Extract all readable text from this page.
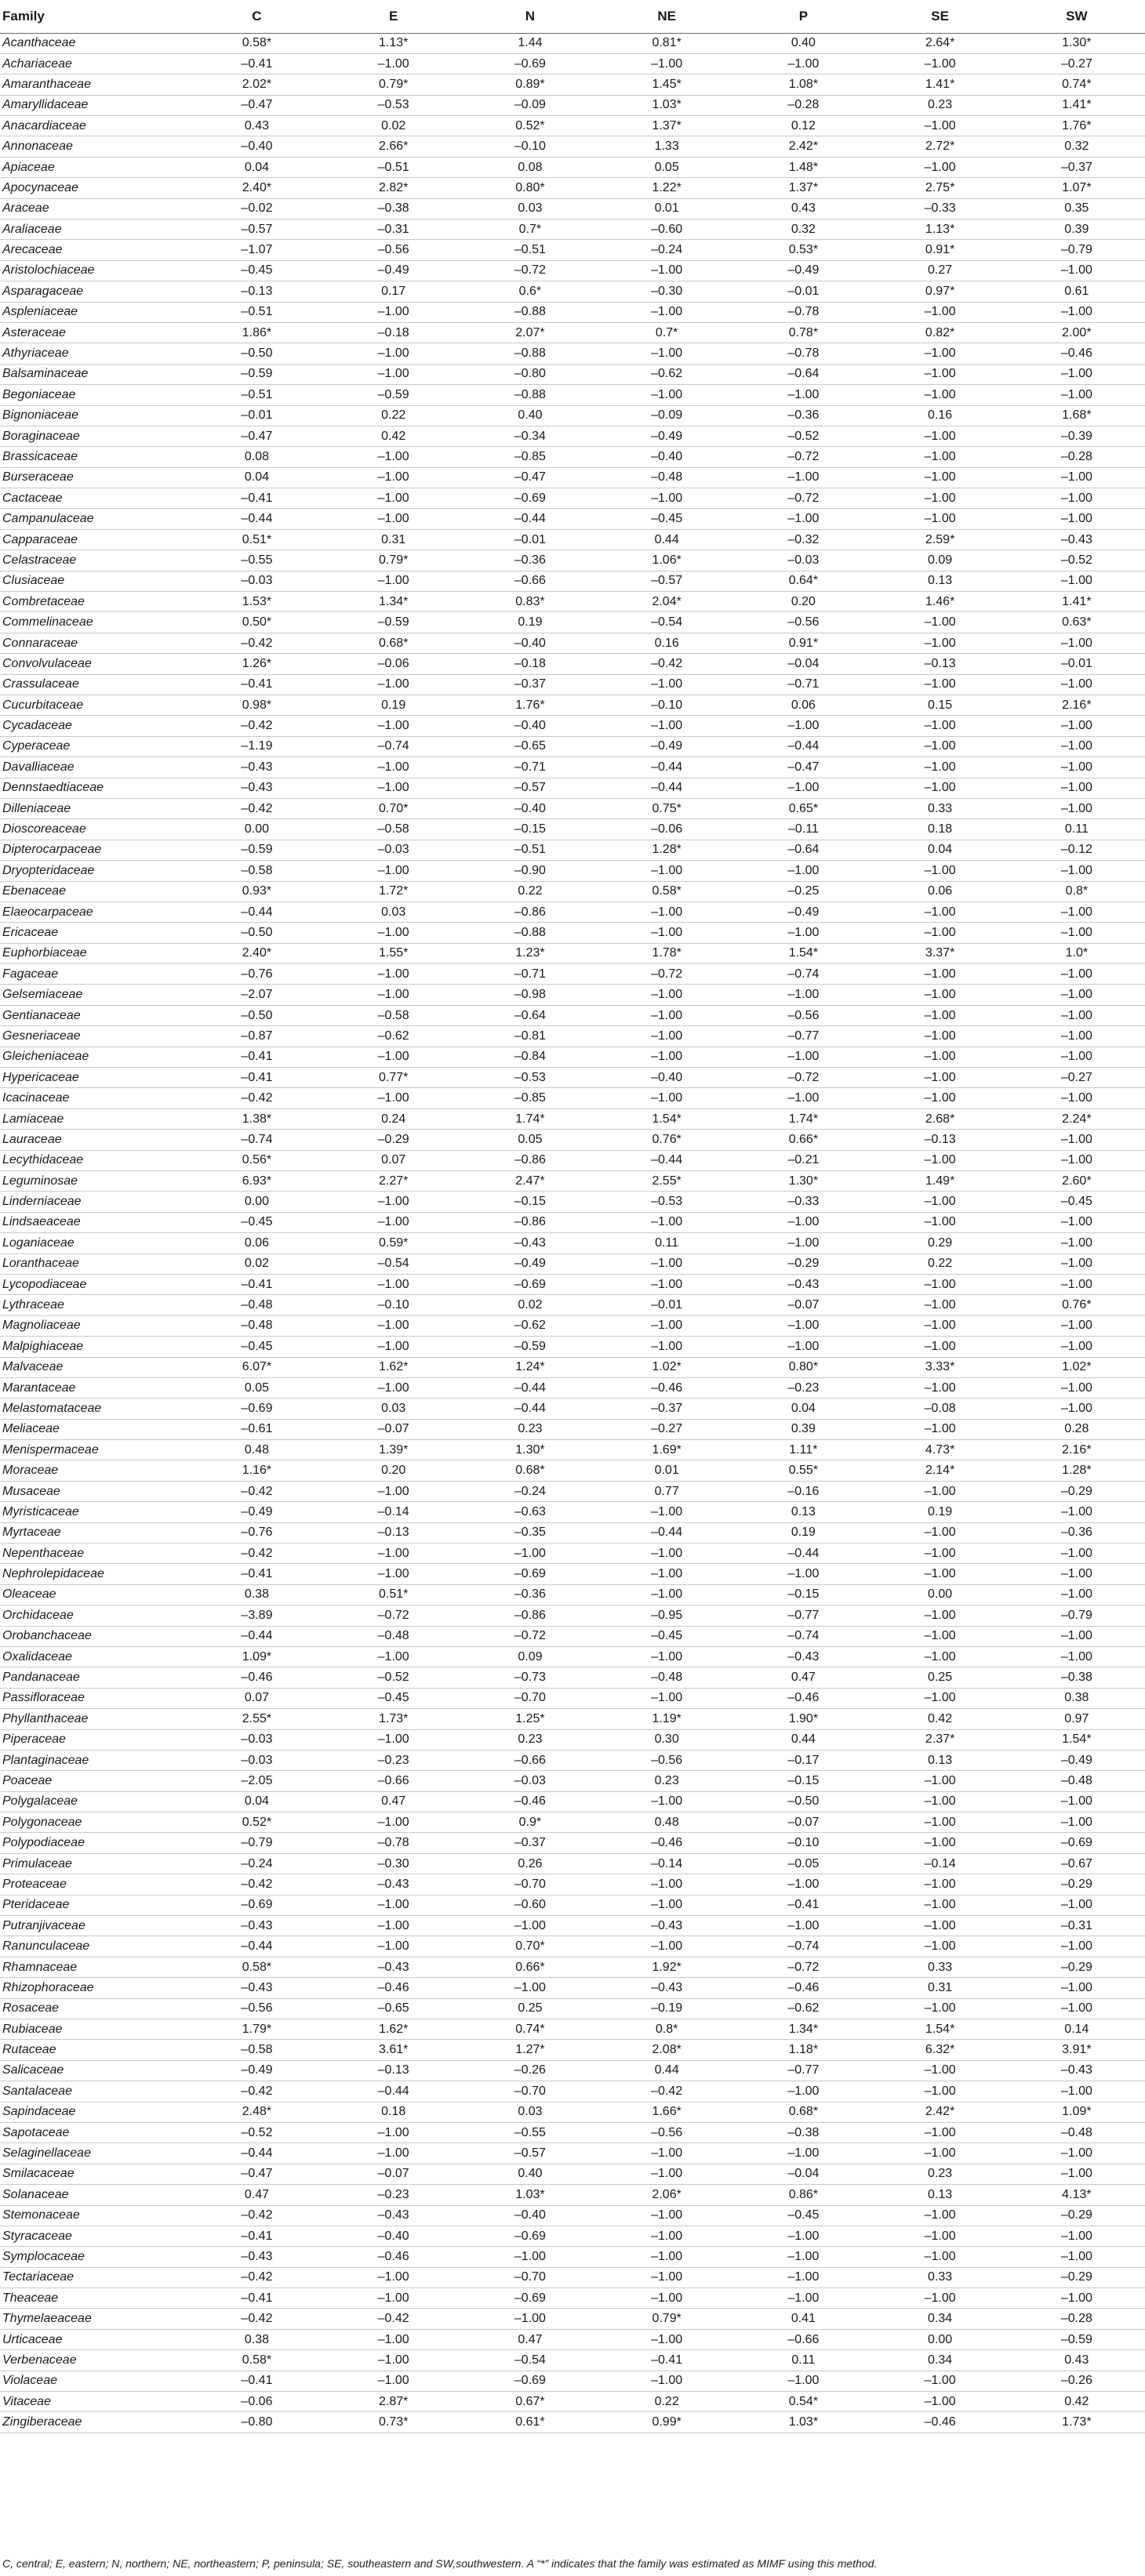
Family	C	E	N	NE	P	SE	SW
Acanthaceae	0.58*	1.13*	1.44	0.81*	0.40	2.64*	1.30*
Achariaceae	–0.41	–1.00	–0.69	–1.00	–1.00	–1.00	–0.27
Amaranthaceae	2.02*	0.79*	0.89*	1.45*	1.08*	1.41*	0.74*
Amaryllidaceae	–0.47	–0.53	–0.09	1.03*	–0.28	0.23	1.41*
Anacardiaceae	0.43	0.02	0.52*	1.37*	0.12	–1.00	1.76*
Annonaceae	–0.40	2.66*	–0.10	1.33	2.42*	2.72*	0.32
Apiaceae	0.04	–0.51	0.08	0.05	1.48*	–1.00	–0.37
Apocynaceae	2.40*	2.82*	0.80*	1.22*	1.37*	2.75*	1.07*
Araceae	–0.02	–0.38	0.03	0.01	0.43	–0.33	0.35
Araliaceae	–0.57	–0.31	0.7*	–0.60	0.32	1.13*	0.39
Arecaceae	–1.07	–0.56	–0.51	–0.24	0.53*	0.91*	–0.79
Aristolochiaceae	–0.45	–0.49	–0.72	–1.00	–0.49	0.27	–1.00
Asparagaceae	–0.13	0.17	0.6*	–0.30	–0.01	0.97*	0.61
Aspleniaceae	–0.51	–1.00	–0.88	–1.00	–0.78	–1.00	–1.00
Asteraceae	1.86*	–0.18	2.07*	0.7*	0.78*	0.82*	2.00*
Athyriaceae	–0.50	–1.00	–0.88	–1.00	–0.78	–1.00	–0.46
Balsaminaceae	–0.59	–1.00	–0.80	–0.62	–0.64	–1.00	–1.00
Begoniaceae	–0.51	–0.59	–0.88	–1.00	–1.00	–1.00	–1.00
Bignoniaceae	–0.01	0.22	0.40	–0.09	–0.36	0.16	1.68*
Boraginaceae	–0.47	0.42	–0.34	–0.49	–0.52	–1.00	–0.39
Brassicaceae	0.08	–1.00	–0.85	–0.40	–0.72	–1.00	–0.28
Burseraceae	0.04	–1.00	–0.47	–0.48	–1.00	–1.00	–1.00
Cactaceae	–0.41	–1.00	–0.69	–1.00	–0.72	–1.00	–1.00
Campanulaceae	–0.44	–1.00	–0.44	–0.45	–1.00	–1.00	–1.00
Capparaceae	0.51*	0.31	–0.01	0.44	–0.32	2.59*	–0.43
Celastraceae	–0.55	0.79*	–0.36	1.06*	–0.03	0.09	–0.52
Clusiaceae	–0.03	–1.00	–0.66	–0.57	0.64*	0.13	–1.00
Combretaceae	1.53*	1.34*	0.83*	2.04*	0.20	1.46*	1.41*
Commelinaceae	0.50*	–0.59	0.19	–0.54	–0.56	–1.00	0.63*
Connaraceae	–0.42	0.68*	–0.40	0.16	0.91*	–1.00	–1.00
Convolvulaceae	1.26*	–0.06	–0.18	–0.42	–0.04	–0.13	–0.01
Crassulaceae	–0.41	–1.00	–0.37	–1.00	–0.71	–1.00	–1.00
Cucurbitaceae	0.98*	0.19	1.76*	–0.10	0.06	0.15	2.16*
Cycadaceae	–0.42	–1.00	–0.40	–1.00	–1.00	–1.00	–1.00
Cyperaceae	–1.19	–0.74	–0.65	–0.49	–0.44	–1.00	–1.00
Davalliaceae	–0.43	–1.00	–0.71	–0.44	–0.47	–1.00	–1.00
Dennstaedtiaceae	–0.43	–1.00	–0.57	–0.44	–1.00	–1.00	–1.00
Dilleniaceae	–0.42	0.70*	–0.40	0.75*	0.65*	0.33	–1.00
Dioscoreaceae	0.00	–0.58	–0.15	–0.06	–0.11	0.18	0.11
Dipterocarpaceae	–0.59	–0.03	–0.51	1.28*	–0.64	0.04	–0.12
Dryopteridaceae	–0.58	–1.00	–0.90	–1.00	–1.00	–1.00	–1.00
Ebenaceae	0.93*	1.72*	0.22	0.58*	–0.25	0.06	0.8*
Elaeocarpaceae	–0.44	0.03	–0.86	–1.00	–0.49	–1.00	–1.00
Ericaceae	–0.50	–1.00	–0.88	–1.00	–1.00	–1.00	–1.00
Euphorbiaceae	2.40*	1.55*	1.23*	1.78*	1.54*	3.37*	1.0*
Fagaceae	–0.76	–1.00	–0.71	–0.72	–0.74	–1.00	–1.00
Gelsemiaceae	–2.07	–1.00	–0.98	–1.00	–1.00	–1.00	–1.00
Gentianaceae	–0.50	–0.58	–0.64	–1.00	–0.56	–1.00	–1.00
Gesneriaceae	–0.87	–0.62	–0.81	–1.00	–0.77	–1.00	–1.00
Gleicheniaceae	–0.41	–1.00	–0.84	–1.00	–1.00	–1.00	–1.00
Hypericaceae	–0.41	0.77*	–0.53	–0.40	–0.72	–1.00	–0.27
Icacinaceae	–0.42	–1.00	–0.85	–1.00	–1.00	–1.00	–1.00
Lamiaceae	1.38*	0.24	1.74*	1.54*	1.74*	2.68*	2.24*
Lauraceae	–0.74	–0.29	0.05	0.76*	0.66*	–0.13	–1.00
Lecythidaceae	0.56*	0.07	–0.86	–0.44	–0.21	–1.00	–1.00
Leguminosae	6.93*	2.27*	2.47*	2.55*	1.30*	1.49*	2.60*
Linderniaceae	0.00	–1.00	–0.15	–0.53	–0.33	–1.00	–0.45
Lindsaeaceae	–0.45	–1.00	–0.86	–1.00	–1.00	–1.00	–1.00
Loganiaceae	0.06	0.59*	–0.43	0.11	–1.00	0.29	–1.00
Loranthaceae	0.02	–0.54	–0.49	–1.00	–0.29	0.22	–1.00
Lycopodiaceae	–0.41	–1.00	–0.69	–1.00	–0.43	–1.00	–1.00
Lythraceae	–0.48	–0.10	0.02	–0.01	–0.07	–1.00	0.76*
Magnoliaceae	–0.48	–1.00	–0.62	–1.00	–1.00	–1.00	–1.00
Malpighiaceae	–0.45	–1.00	–0.59	–1.00	–1.00	–1.00	–1.00
Malvaceae	6.07*	1.62*	1.24*	1.02*	0.80*	3.33*	1.02*
Marantaceae	0.05	–1.00	–0.44	–0.46	–0.23	–1.00	–1.00
Melastomataceae	–0.69	0.03	–0.44	–0.37	0.04	–0.08	–1.00
Meliaceae	–0.61	–0.07	0.23	–0.27	0.39	–1.00	0.28
Menispermaceae	0.48	1.39*	1.30*	1.69*	1.11*	4.73*	2.16*
Moraceae	1.16*	0.20	0.68*	0.01	0.55*	2.14*	1.28*
Musaceae	–0.42	–1.00	–0.24	0.77	–0.16	–1.00	–0.29
Myristicaceae	–0.49	–0.14	–0.63	–1.00	0.13	0.19	–1.00
Myrtaceae	–0.76	–0.13	–0.35	–0.44	0.19	–1.00	–0.36
Nepenthaceae	–0.42	–1.00	–1.00	–1.00	–0.44	–1.00	–1.00
Nephrolepidaceae	–0.41	–1.00	–0.69	–1.00	–1.00	–1.00	–1.00
Oleaceae	0.38	0.51*	–0.36	–1.00	–0.15	0.00	–1.00
Orchidaceae	–3.89	–0.72	–0.86	–0.95	–0.77	–1.00	–0.79
Orobanchaceae	–0.44	–0.48	–0.72	–0.45	–0.74	–1.00	–1.00
Oxalidaceae	1.09*	–1.00	0.09	–1.00	–0.43	–1.00	–1.00
Pandanaceae	–0.46	–0.52	–0.73	–0.48	0.47	0.25	–0.38
Passifloraceae	0.07	–0.45	–0.70	–1.00	–0.46	–1.00	0.38
Phyllanthaceae	2.55*	1.73*	1.25*	1.19*	1.90*	0.42	0.97
Piperaceae	–0.03	–1.00	0.23	0.30	0.44	2.37*	1.54*
Plantaginaceae	–0.03	–0.23	–0.66	–0.56	–0.17	0.13	–0.49
Poaceae	–2.05	–0.66	–0.03	0.23	–0.15	–1.00	–0.48
Polygalaceae	0.04	0.47	–0.46	–1.00	–0.50	–1.00	–1.00
Polygonaceae	0.52*	–1.00	0.9*	0.48	–0.07	–1.00	–1.00
Polypodiaceae	–0.79	–0.78	–0.37	–0.46	–0.10	–1.00	–0.69
Primulaceae	–0.24	–0.30	0.26	–0.14	–0.05	–0.14	–0.67
Proteaceae	–0.42	–0.43	–0.70	–1.00	–1.00	–1.00	–0.29
Pteridaceae	–0.69	–1.00	–0.60	–1.00	–0.41	–1.00	–1.00
Putranjivaceae	–0.43	–1.00	–1.00	–0.43	–1.00	–1.00	–0.31
Ranunculaceae	–0.44	–1.00	0.70*	–1.00	–0.74	–1.00	–1.00
Rhamnaceae	0.58*	–0.43	0.66*	1.92*	–0.72	0.33	–0.29
Rhizophoraceae	–0.43	–0.46	–1.00	–0.43	–0.46	0.31	–1.00
Rosaceae	–0.56	–0.65	0.25	–0.19	–0.62	–1.00	–1.00
Rubiaceae	1.79*	1.62*	0.74*	0.8*	1.34*	1.54*	0.14
Rutaceae	–0.58	3.61*	1.27*	2.08*	1.18*	6.32*	3.91*
Salicaceae	–0.49	–0.13	–0.26	0.44	–0.77	–1.00	–0.43
Santalaceae	–0.42	–0.44	–0.70	–0.42	–1.00	–1.00	–1.00
Sapindaceae	2.48*	0.18	0.03	1.66*	0.68*	2.42*	1.09*
Sapotaceae	–0.52	–1.00	–0.55	–0.56	–0.38	–1.00	–0.48
Selaginellaceae	–0.44	–1.00	–0.57	–1.00	–1.00	–1.00	–1.00
Smilacaceae	–0.47	–0.07	0.40	–1.00	–0.04	0.23	–1.00
Solanaceae	0.47	–0.23	1.03*	2.06*	0.86*	0.13	4.13*
Stemonaceae	–0.42	–0.43	–0.40	–1.00	–0.45	–1.00	–0.29
Styracaceae	–0.41	–0.40	–0.69	–1.00	–1.00	–1.00	–1.00
Symplocaceae	–0.43	–0.46	–1.00	–1.00	–1.00	–1.00	–1.00
Tectariaceae	–0.42	–1.00	–0.70	–1.00	–1.00	0.33	–0.29
Theaceae	–0.41	–1.00	–0.69	–1.00	–1.00	–1.00	–1.00
Thymelaeaceae	–0.42	–0.42	–1.00	0.79*	0.41	0.34	–0.28
Urticaceae	0.38	–1.00	0.47	–1.00	–0.66	0.00	–0.59
Verbenaceae	0.58*	–1.00	–0.54	–0.41	0.11	0.34	0.43
Violaceae	–0.41	–1.00	–0.69	–1.00	–1.00	–1.00	–0.26
Vitaceae	–0.06	2.87*	0.67*	0.22	0.54*	–1.00	0.42
Zingiberaceae	–0.80	0.73*	0.61*	0.99*	1.03*	–0.46	1.73*
C, central; E, eastern; N, northern; NE, northeastern; P, peninsula; SE, southeastern and SW,southwestern. A “*” indicates that the family was estimated as MIMF using this method.
